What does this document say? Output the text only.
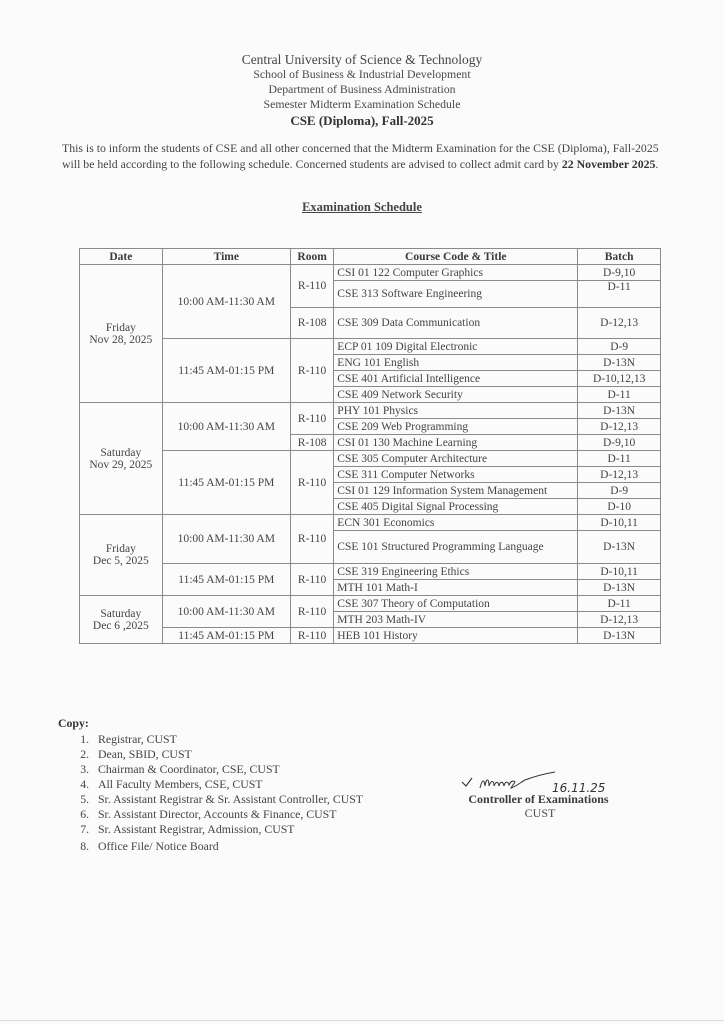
Central University of Science & Technology
School of Business & Industrial Development
Department of Business Administration
Semester Midterm Examination Schedule
CSE (Diploma), Fall-2025
This is to inform the students of CSE and all other concerned that the Midterm Examination for the CSE (Diploma), Fall-2025 will be held according to the following schedule. Concerned students are advised to collect admit card by 22 November 2025.
Examination Schedule
Date	Time	Room	Course Code & Title	Batch

Friday
Nov 28, 2025	10:00 AM-11:30 AM	R-110	CSI 01 122 Computer Graphics	D-9,10
			CSE 313 Software Engineering	D-11
		R-108	CSE 309 Data Communication	D-12,13
	11:45 AM-01:15 PM	R-110	ECP 01 109 Digital Electronic	D-9
			ENG 101 English	D-13N
			CSE 401 Artificial Intelligence	D-10,12,13
			CSE 409 Network Security	D-11

Saturday
Nov 29, 2025	10:00 AM-11:30 AM	R-110	PHY 101 Physics	D-13N
			CSE 209 Web Programming	D-12,13
		R-108	CSI 01 130 Machine Learning	D-9,10
	11:45 AM-01:15 PM	R-110	CSE 305 Computer Architecture	D-11
			CSE 311 Computer Networks	D-12,13
			CSI 01 129 Information System Management	D-9
			CSE 405 Digital Signal Processing	D-10

Friday
Dec 5, 2025	10:00 AM-11:30 AM	R-110	ECN 301 Economics	D-10,11
			CSE 101 Structured Programming Language	D-13N
	11:45 AM-01:15 PM	R-110	CSE 319 Engineering Ethics	D-10,11
			MTH 101 Math-I	D-13N

Saturday
Dec 6 ,2025	10:00 AM-11:30 AM	R-110	CSE 307 Theory of Computation	D-11
			MTH 203 Math-IV	D-12,13
	11:45 AM-01:15 PM	R-110	HEB 101 History	D-13N
Copy:
1. Registrar, CUST
2. Dean, SBID, CUST
3. Chairman & Coordinator, CSE, CUST
4. All Faculty Members, CSE, CUST
5. Sr. Assistant Registrar & Sr. Assistant Controller, CUST
6. Sr. Assistant Director, Accounts & Finance, CUST
7. Sr. Assistant Registrar, Admission, CUST
8. Office File/ Notice Board
16.11.25
Controller of Examinations
CUST
